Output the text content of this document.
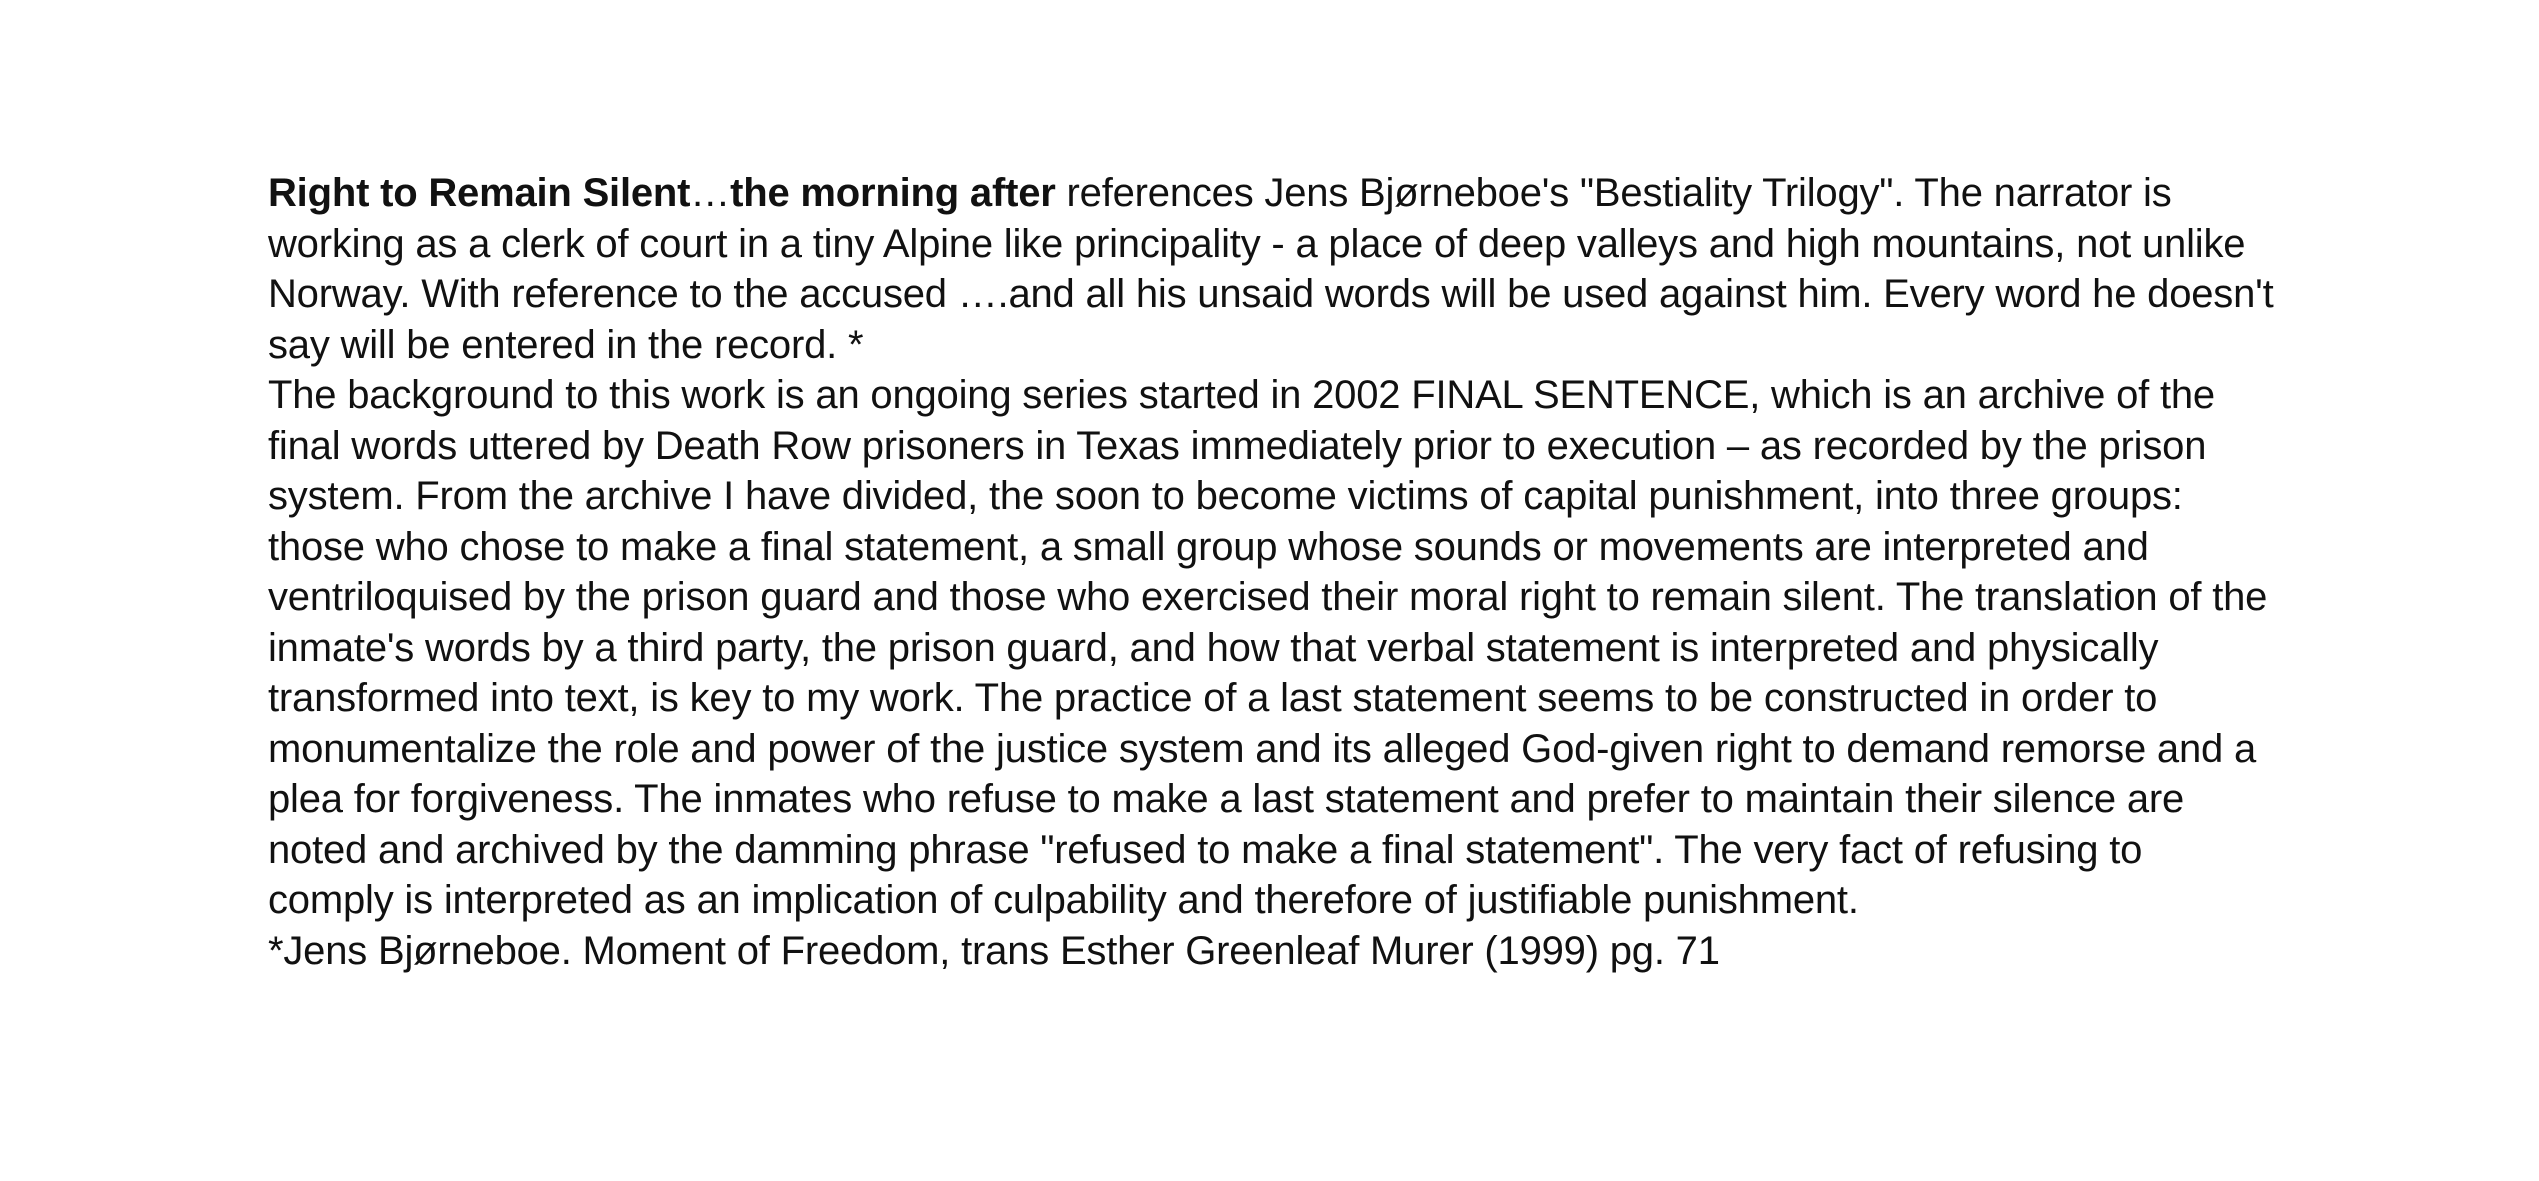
Right to Remain Silent…the morning after references Jens Bjørneboe's "Bestiality Trilogy". The narrator is working as a clerk of court in a tiny Alpine like principality - a place of deep valleys and high mountains, not unlike Norway. With reference to the accused ….and all his unsaid words will be used against him. Every word he doesn't say will be entered in the record. *

The background to this work is an ongoing series started in 2002 FINAL SENTENCE, which is an archive of the final words uttered by Death Row prisoners in Texas immediately prior to execution – as recorded by the prison system. From the archive I have divided, the soon to become victims of capital punishment, into three groups: those who chose to make a final statement, a small group whose sounds or movements are interpreted and ventriloquised by the prison guard and those who exercised their moral right to remain silent. The translation of the inmate's words by a third party, the prison guard, and how that verbal statement is interpreted and physically transformed into text, is key to my work. The practice of a last statement seems to be constructed in order to monumentalize the role and power of the justice system and its alleged God-given right to demand remorse and a plea for forgiveness. The inmates who refuse to make a last statement and prefer to maintain their silence are noted and archived by the damming phrase "refused to make a final statement". The very fact of refusing to comply is interpreted as an implication of culpability and therefore of justifiable punishment.

*Jens Bjørneboe. Moment of Freedom, trans Esther Greenleaf Murer (1999) pg. 71
